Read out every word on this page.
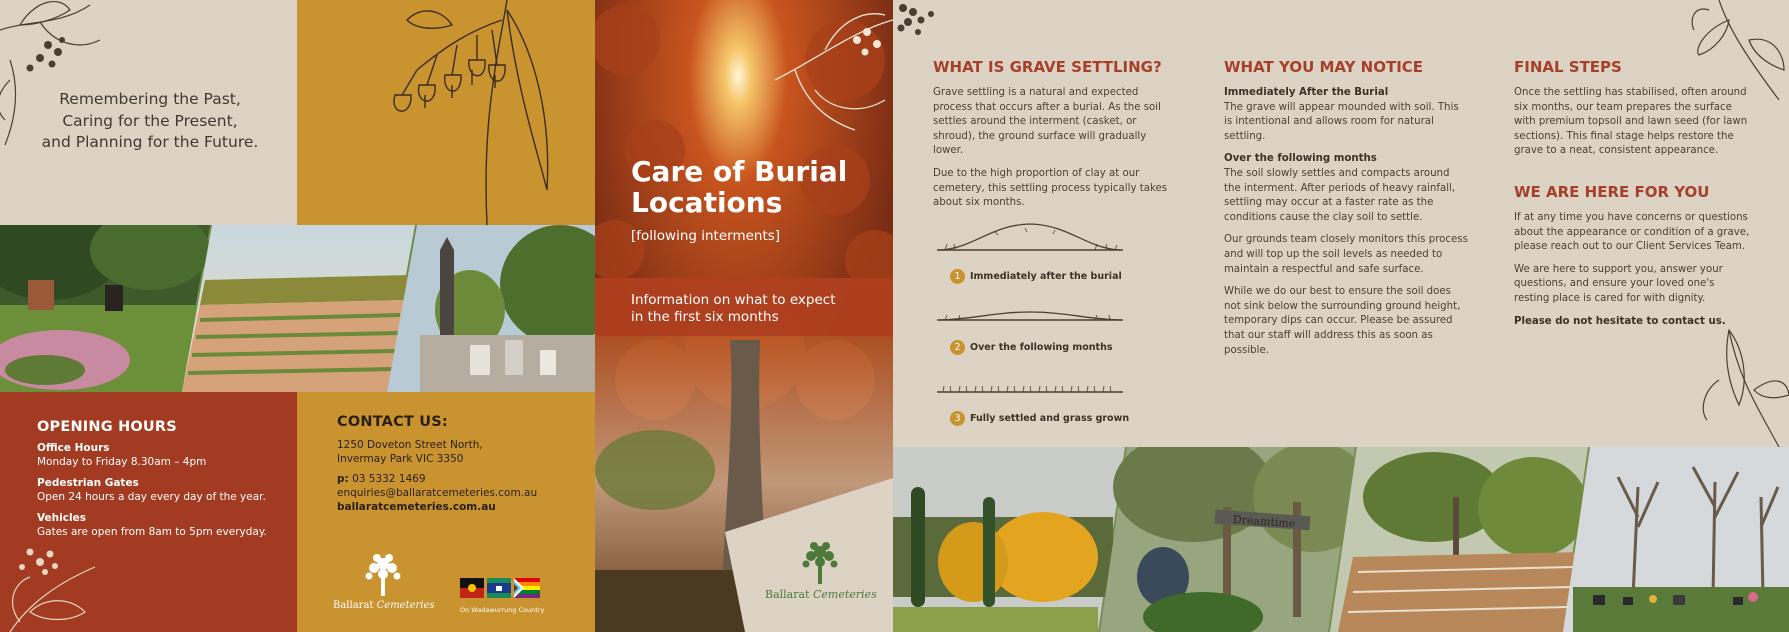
Remembering the Past,
Caring for the Present,
and Planning for the Future.
OPENING HOURS
Office Hours
Monday to Friday 8.30am – 4pm
Pedestrian Gates
Open 24 hours a day every day of the year.
Vehicles
Gates are open from 8am to 5pm everyday.
CONTACT US:
1250 Doveton Street North,
Invermay Park VIC 3350
p: 03 5332 1469
enquiries@ballaratcemeteries.com.au
ballaratcemeteries.com.au
Ballarat Cemeteries	On Wadawurrung Country
Care of Burial
Locations
[following interments]
Information on what to expect
in the first six months
Ballarat Cemeteries
WHAT IS GRAVE SETTLING?

Grave settling is a natural and expected process that occurs after a burial. As the soil settles around the interment (casket, or shroud), the ground surface will gradually lower.

Due to the high proportion of clay at our cemetery, this settling process typically takes about six months.

1 Immediately after the burial
2 Over the following months
3 Fully settled and grass grown
WHAT YOU MAY NOTICE

Immediately After the Burial

The grave will appear mounded with soil. This is intentional and allows room for natural settling.

Over the following months

The soil slowly settles and compacts around the interment. After periods of heavy rainfall, settling may occur at a faster rate as the conditions cause the clay soil to settle.

Our grounds team closely monitors this process and will top up the soil levels as needed to maintain a respectful and safe surface.

While we do our best to ensure the soil does not sink below the surrounding ground height, temporary dips can occur. Please be assured that our staff will address this as soon as possible.

FINAL STEPS

Once the settling has stabilised, often around six months, our team prepares the surface with premium topsoil and lawn seed (for lawn sections). This final stage helps restore the grave to a neat, consistent appearance.

WE ARE HERE FOR YOU

If at any time you have concerns or questions about the appearance or condition of a grave, please reach out to our Client Services Team.

We are here to support you, answer your questions, and ensure your loved one's resting place is cared for with dignity.

Please do not hesitate to contact us.

Dreamtime
